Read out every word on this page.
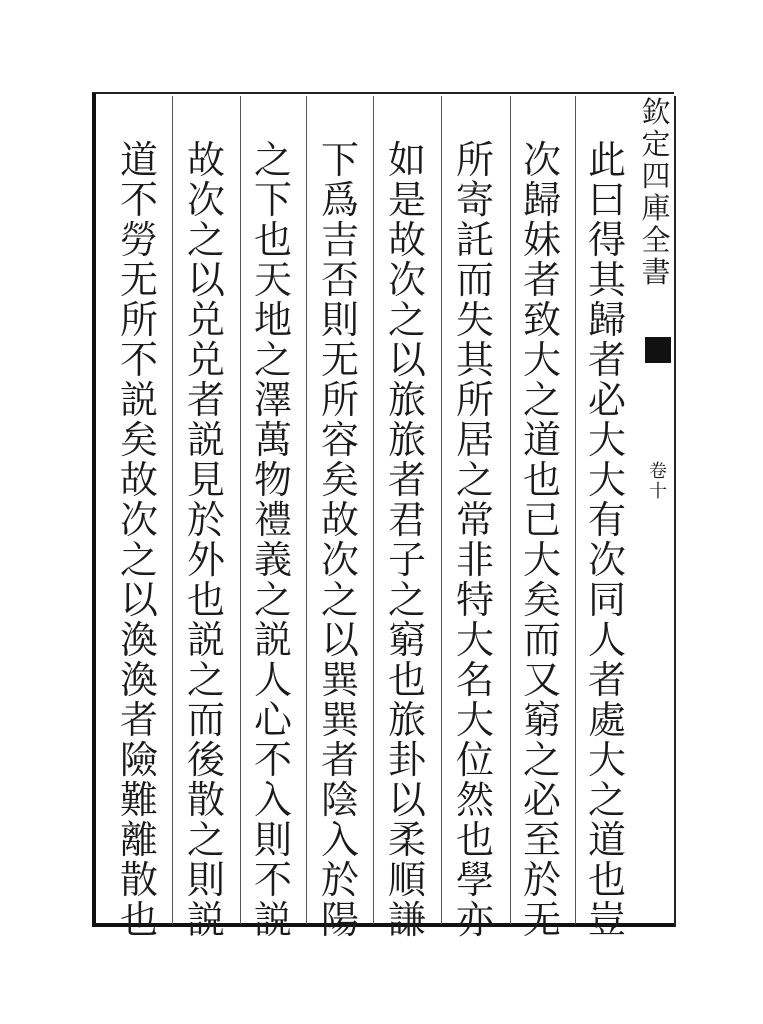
欽
定
四
庫
全
書
卷
十
此
曰
得
其
歸
者
必
大
大
有
次
同
人
者
處
大
之
道
也
豈
次
歸
妹
者
致
大
之
道
也
已
大
矣
而
又
窮
之
必
至
於
无
所
寄
託
而
失
其
所
居
之
常
非
特
大
名
大
位
然
也
學
亦
如
是
故
次
之
以
旅
旅
者
君
子
之
窮
也
旅
卦
以
柔
順
謙
下
爲
吉
否
則
无
所
容
矣
故
次
之
以
巽
巽
者
陰
入
於
陽
之
下
也
天
地
之
澤
萬
物
禮
義
之
説
人
心
不
入
則
不
説
故
次
之
以
兑
兑
者
説
見
於
外
也
説
之
而
後
散
之
則
説
道
不
勞
无
所
不
説
矣
故
次
之
以
渙
渙
者
險
難
離
散
也
